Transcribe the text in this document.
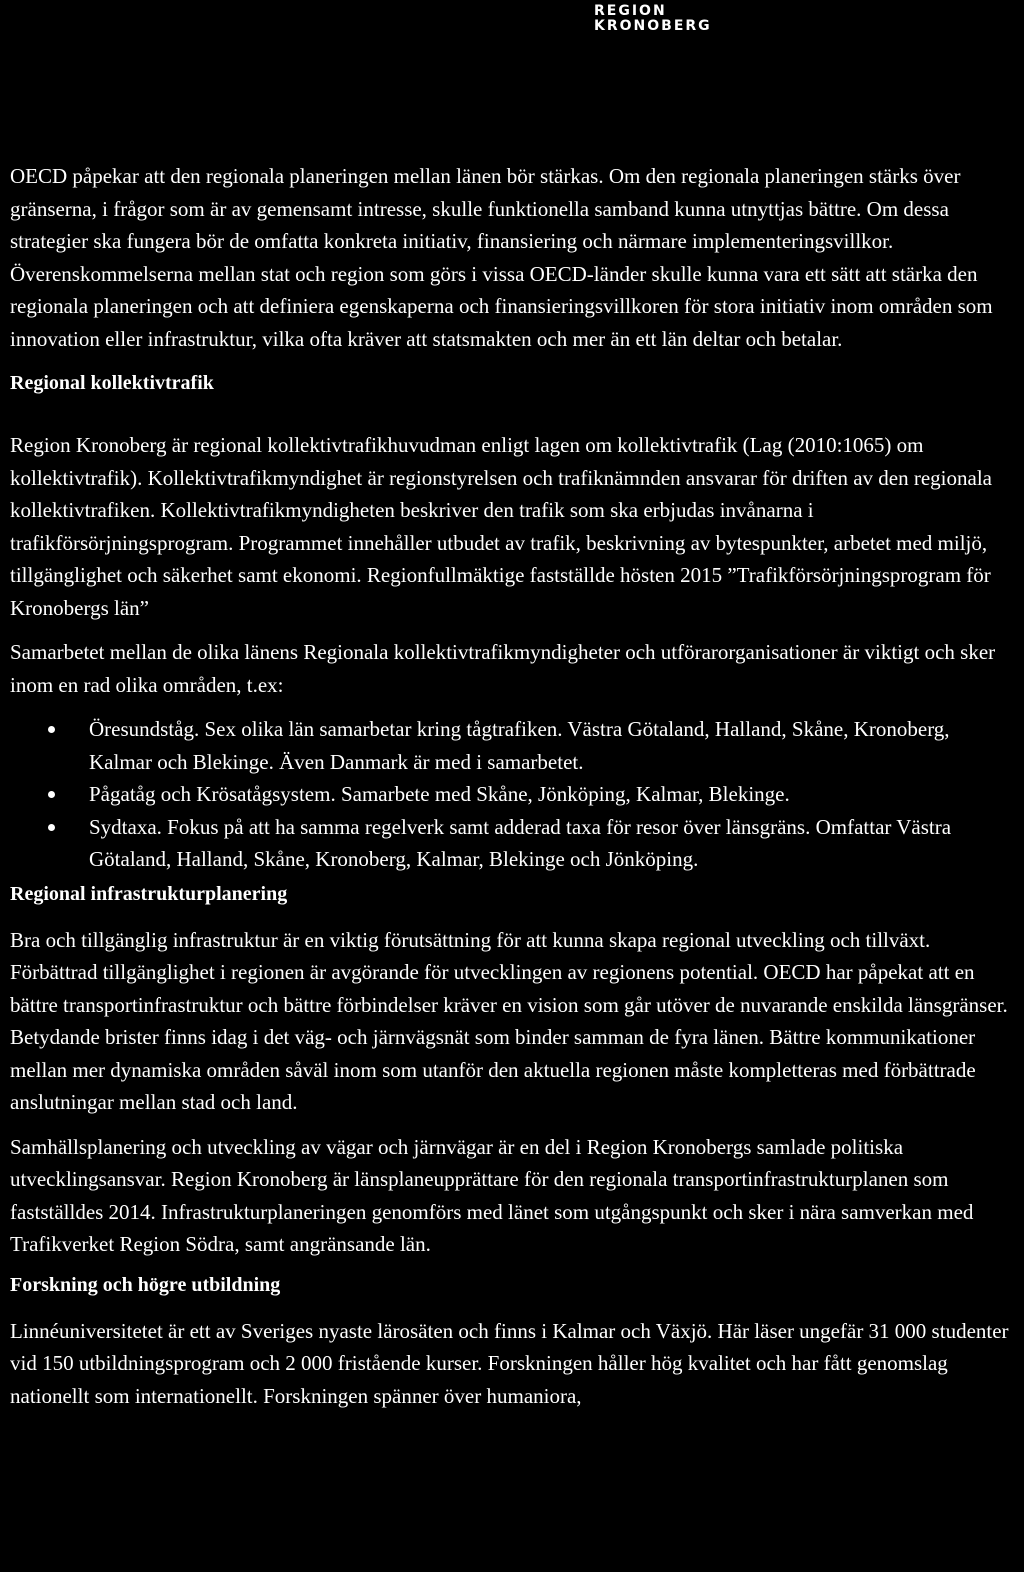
REGION
KRONOBERG

OECD påpekar att den regionala planeringen mellan länen bör stärkas. Om den regionala planeringen stärks över gränserna, i frågor som är av gemensamt intresse, skulle funktionella samband kunna utnyttjas bättre. Om dessa strategier ska fungera bör de omfatta konkreta initiativ, finansiering och närmare implementeringsvillkor. Överenskommelserna mellan stat och region som görs i vissa OECD-länder skulle kunna vara ett sätt att stärka den regionala planeringen och att definiera egenskaperna och finansieringsvillkoren för stora initiativ inom områden som innovation eller infrastruktur, vilka ofta kräver att statsmakten och mer än ett län deltar och betalar.

Regional kollektivtrafik

Region Kronoberg är regional kollektivtrafikhuvudman enligt lagen om kollektivtrafik (Lag (2010:1065) om kollektivtrafik). Kollektivtrafikmyndighet är regionstyrelsen och trafiknämnden ansvarar för driften av den regionala kollektivtrafiken. Kollektivtrafikmyndigheten beskriver den trafik som ska erbjudas invånarna i trafikförsörjningsprogram. Programmet innehåller utbudet av trafik, beskrivning av bytespunkter, arbetet med miljö, tillgänglighet och säkerhet samt ekonomi. Regionfullmäktige fastställde hösten 2015 ”Trafikförsörjningsprogram för Kronobergs län”

Samarbetet mellan de olika länens Regionala kollektivtrafikmyndigheter och utförarorganisationer är viktigt och sker inom en rad olika områden, t.ex:

Öresundståg. Sex olika län samarbetar kring tågtrafiken. Västra Götaland, Halland, Skåne, Kronoberg, Kalmar och Blekinge. Även Danmark är med i samarbetet.
Pågatåg och Krösatågsystem. Samarbete med Skåne, Jönköping, Kalmar, Blekinge.
Sydtaxa. Fokus på att ha samma regelverk samt adderad taxa för resor över länsgräns. Omfattar Västra Götaland, Halland, Skåne, Kronoberg, Kalmar, Blekinge och Jönköping.
Regional infrastrukturplanering

Bra och tillgänglig infrastruktur är en viktig förutsättning för att kunna skapa regional utveckling och tillväxt. Förbättrad tillgänglighet i regionen är avgörande för utvecklingen av regionens potential. OECD har påpekat att en bättre transportinfrastruktur och bättre förbindelser kräver en vision som går utöver de nuvarande enskilda länsgränser. Betydande brister finns idag i det väg- och järnvägsnät som binder samman de fyra länen. Bättre kommunikationer mellan mer dynamiska områden såväl inom som utanför den aktuella regionen måste kompletteras med förbättrade anslutningar mellan stad och land.

Samhällsplanering och utveckling av vägar och järnvägar är en del i Region Kronobergs samlade politiska utvecklingsansvar. Region Kronoberg är länsplaneupprättare för den regionala transportinfrastrukturplanen som fastställdes 2014. Infrastrukturplaneringen genomförs med länet som utgångspunkt och sker i nära samverkan med Trafikverket Region Södra, samt angränsande län.

Forskning och högre utbildning

Linnéuniversitetet är ett av Sveriges nyaste lärosäten och finns i Kalmar och Växjö. Här läser ungefär 31 000 studenter vid 150 utbildningsprogram och 2 000 fristående kurser. Forskningen håller hög kvalitet och har fått genomslag nationellt som internationellt. Forskningen spänner över humaniora,
